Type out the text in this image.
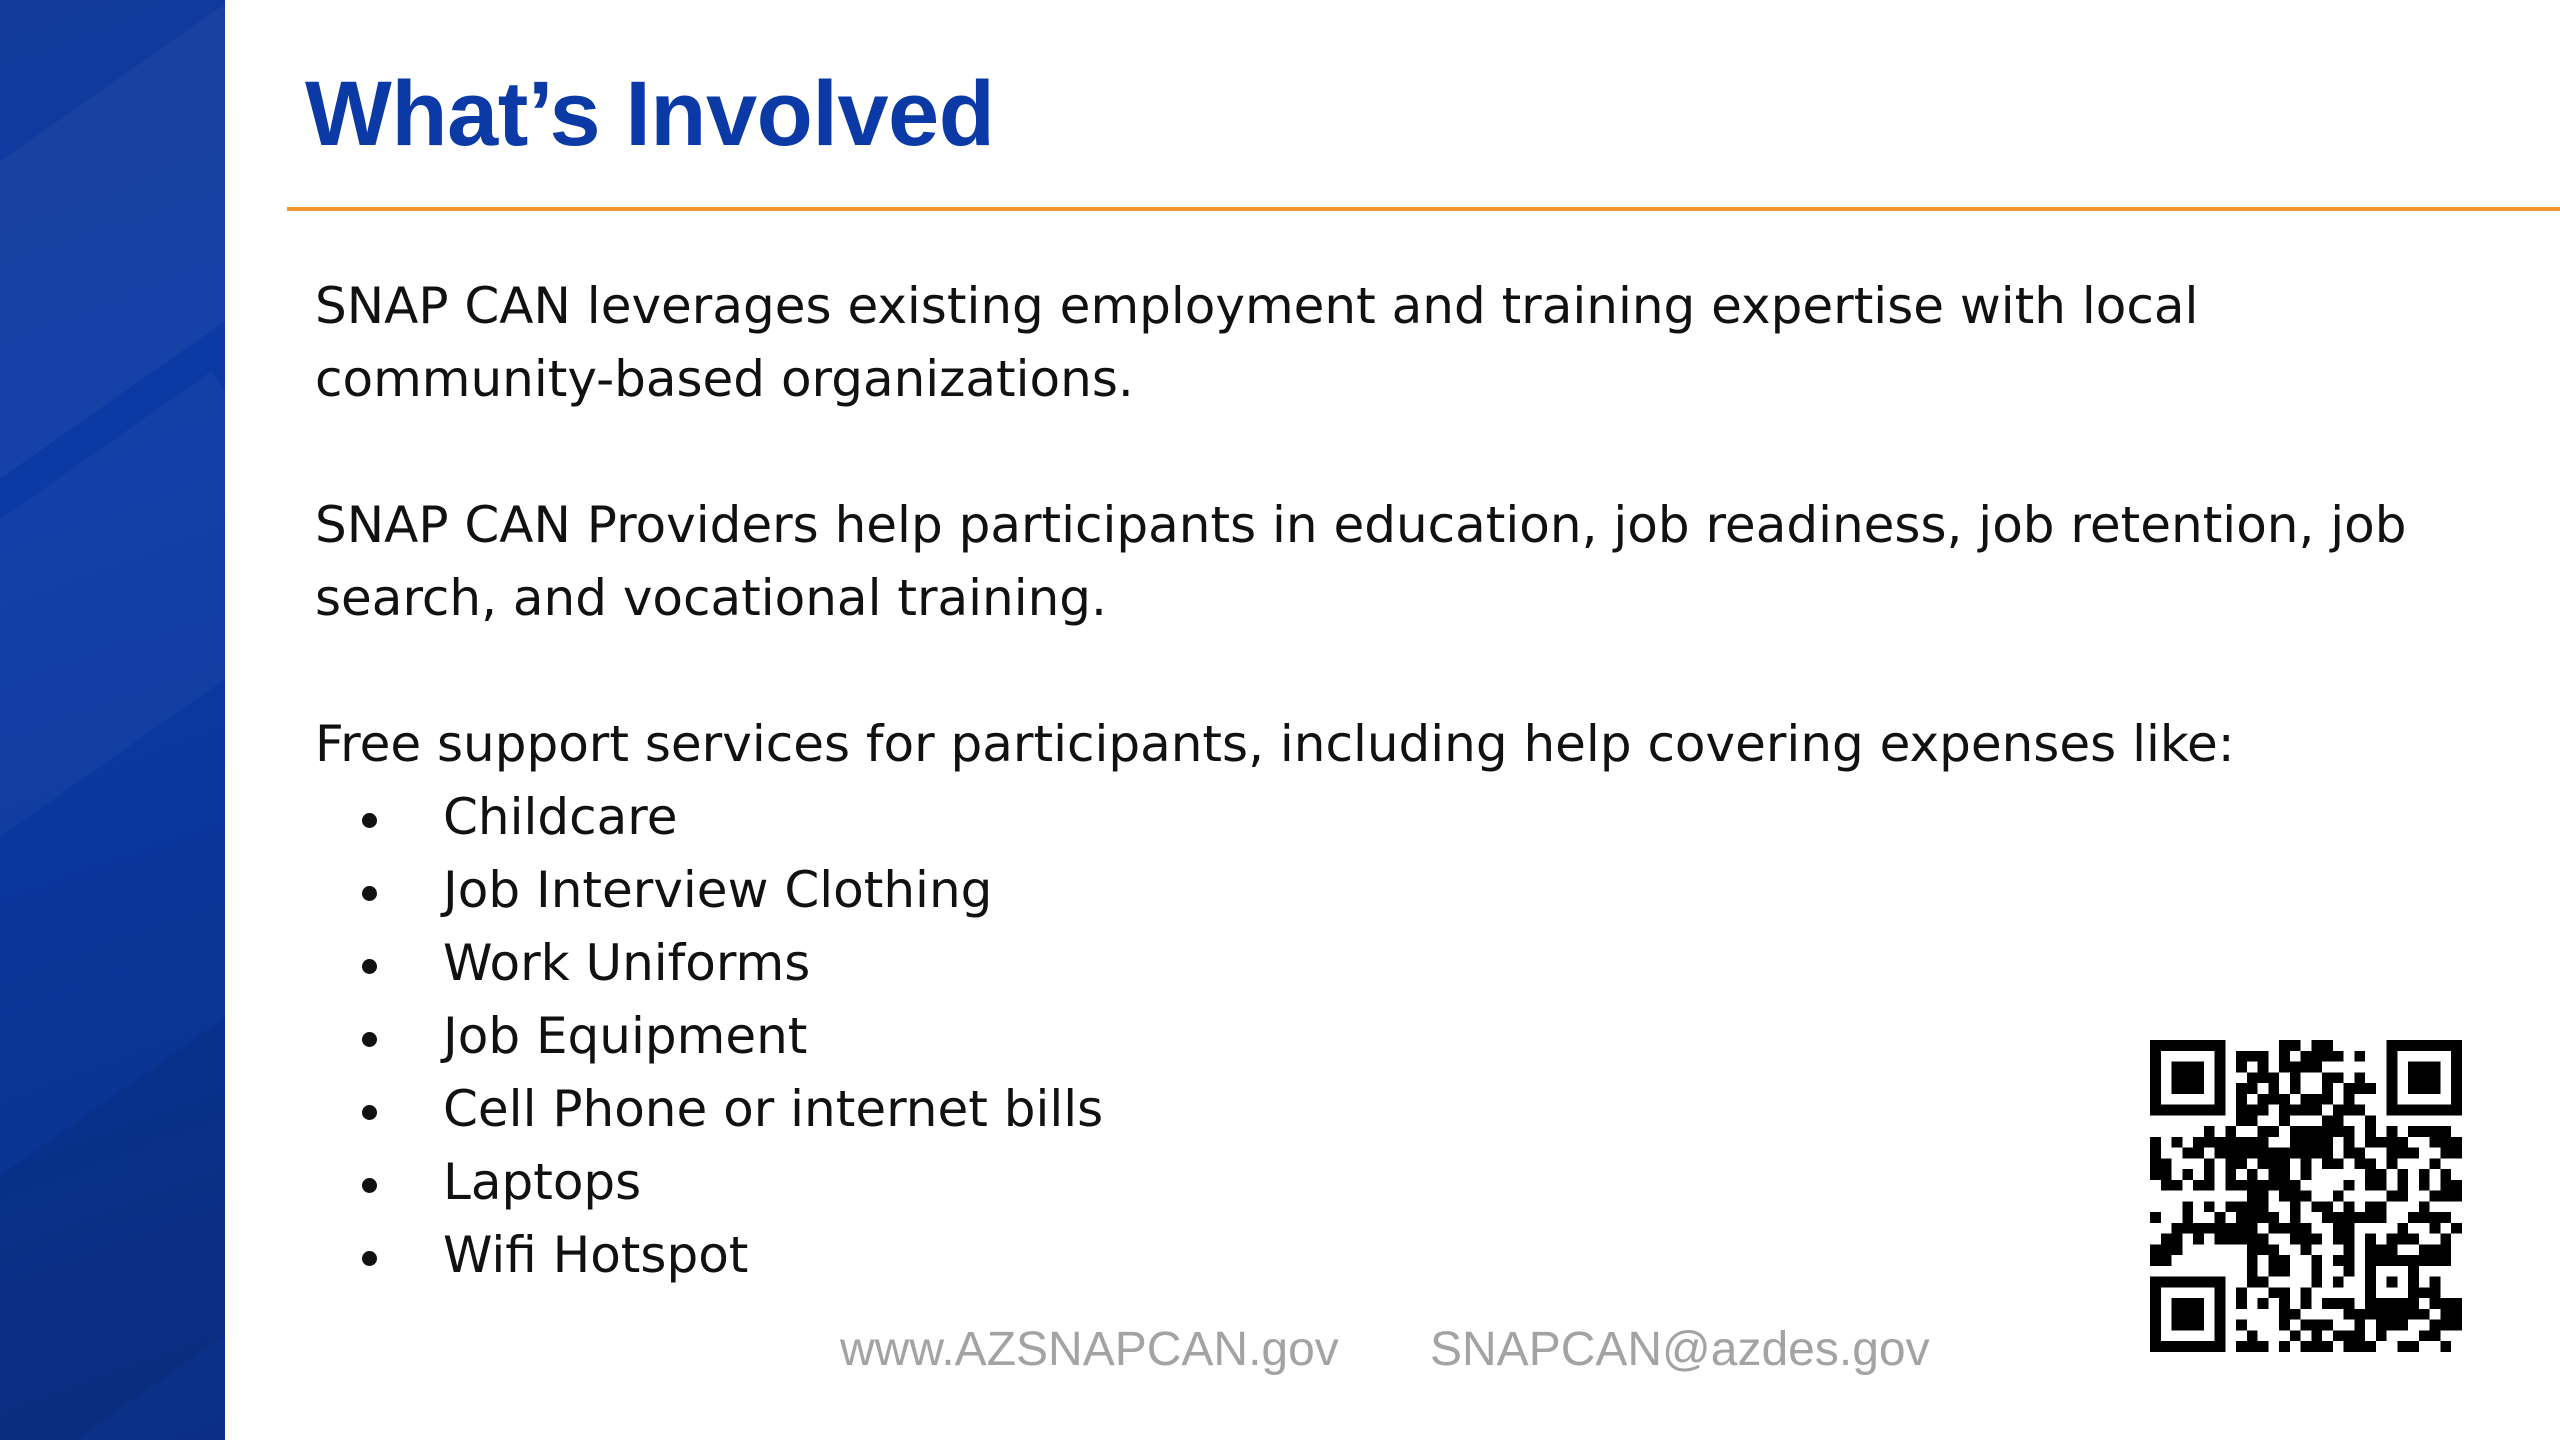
What’s Involved

SNAP CAN leverages existing employment and training expertise with local community-based organizations.

SNAP CAN Providers help participants in education, job readiness, job retention, job search, and vocational training.

Free support services for participants, including help covering expenses like:

Childcare
Job Interview Clothing
Work Uniforms
Job Equipment
Cell Phone or internet bills
Laptops
Wifi Hotspot
www.AZSNAPCAN.gov SNAPCAN@azdes.gov
